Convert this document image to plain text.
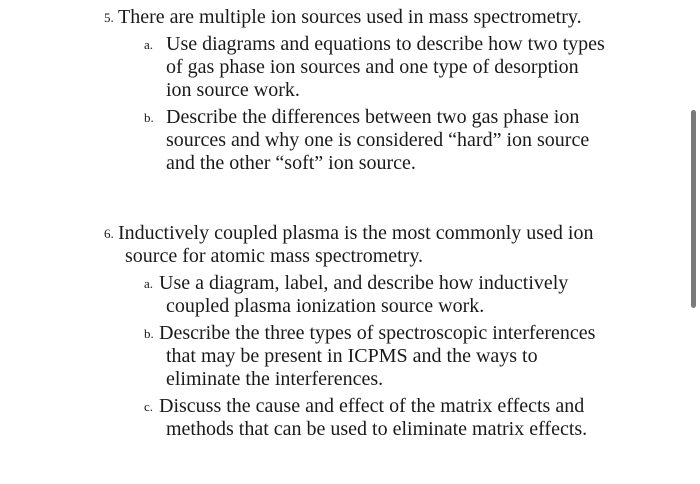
5. There are multiple ion sources used in mass spectrometry.
a. Use diagrams and equations to describe how two types of gas phase ion sources and one type of desorption ion source work.
b. Describe the differences between two gas phase ion sources and why one is considered “hard” ion source and the other “soft” ion source.
6. Inductively coupled plasma is the most commonly used ion source for atomic mass spectrometry.
a. Use a diagram, label, and describe how inductively coupled plasma ionization source work.
b. Describe the three types of spectroscopic interferences that may be present in ICPMS and the ways to eliminate the interferences.
c. Discuss the cause and effect of the matrix effects and methods that can be used to eliminate matrix effects.
